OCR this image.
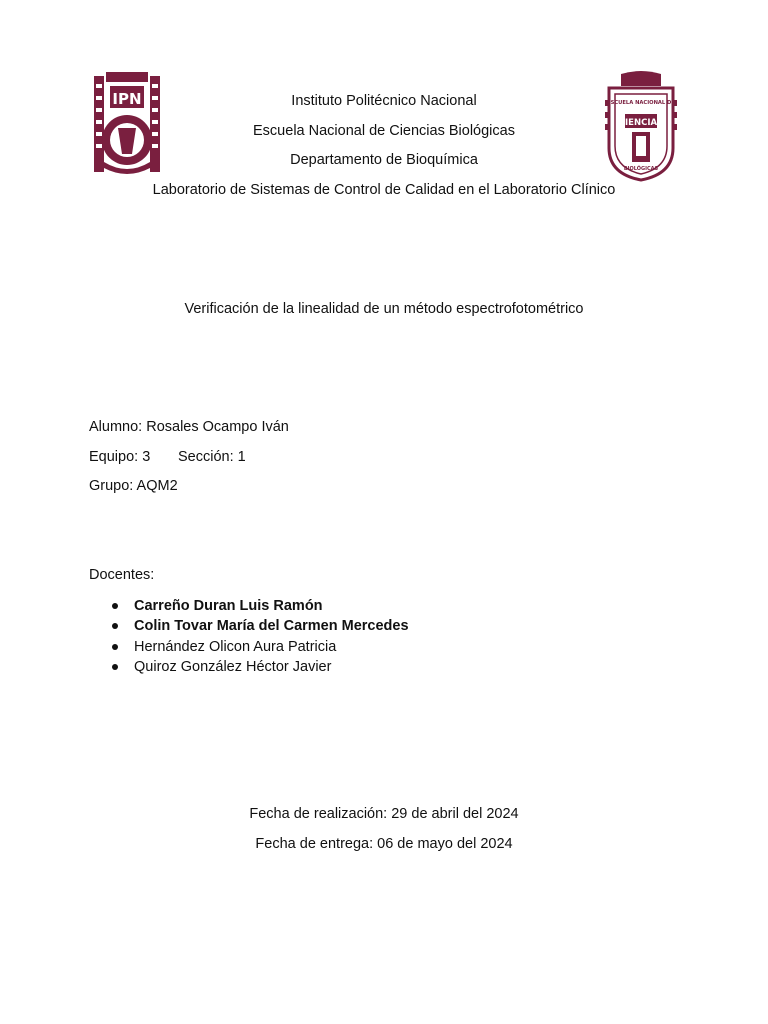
IPN	ESCUELA NACIONAL DE
CIENCIAS
BIOLÓGICAS
Instituto Politécnico Nacional
Escuela Nacional de Ciencias Biológicas
Departamento de Bioquímica
Laboratorio de Sistemas de Control de Calidad en el Laboratorio Clínico
Verificación de la linealidad de un método espectrofotométrico
Alumno: Rosales Ocampo Iván
Equipo: 3 Sección: 1
Grupo: AQM2
Docentes:
Carreño Duran Luis Ramón
Colin Tovar María del Carmen Mercedes
Hernández Olicon Aura Patricia
Quiroz González Héctor Javier
Fecha de realización: 29 de abril del 2024
Fecha de entrega: 06 de mayo del 2024
